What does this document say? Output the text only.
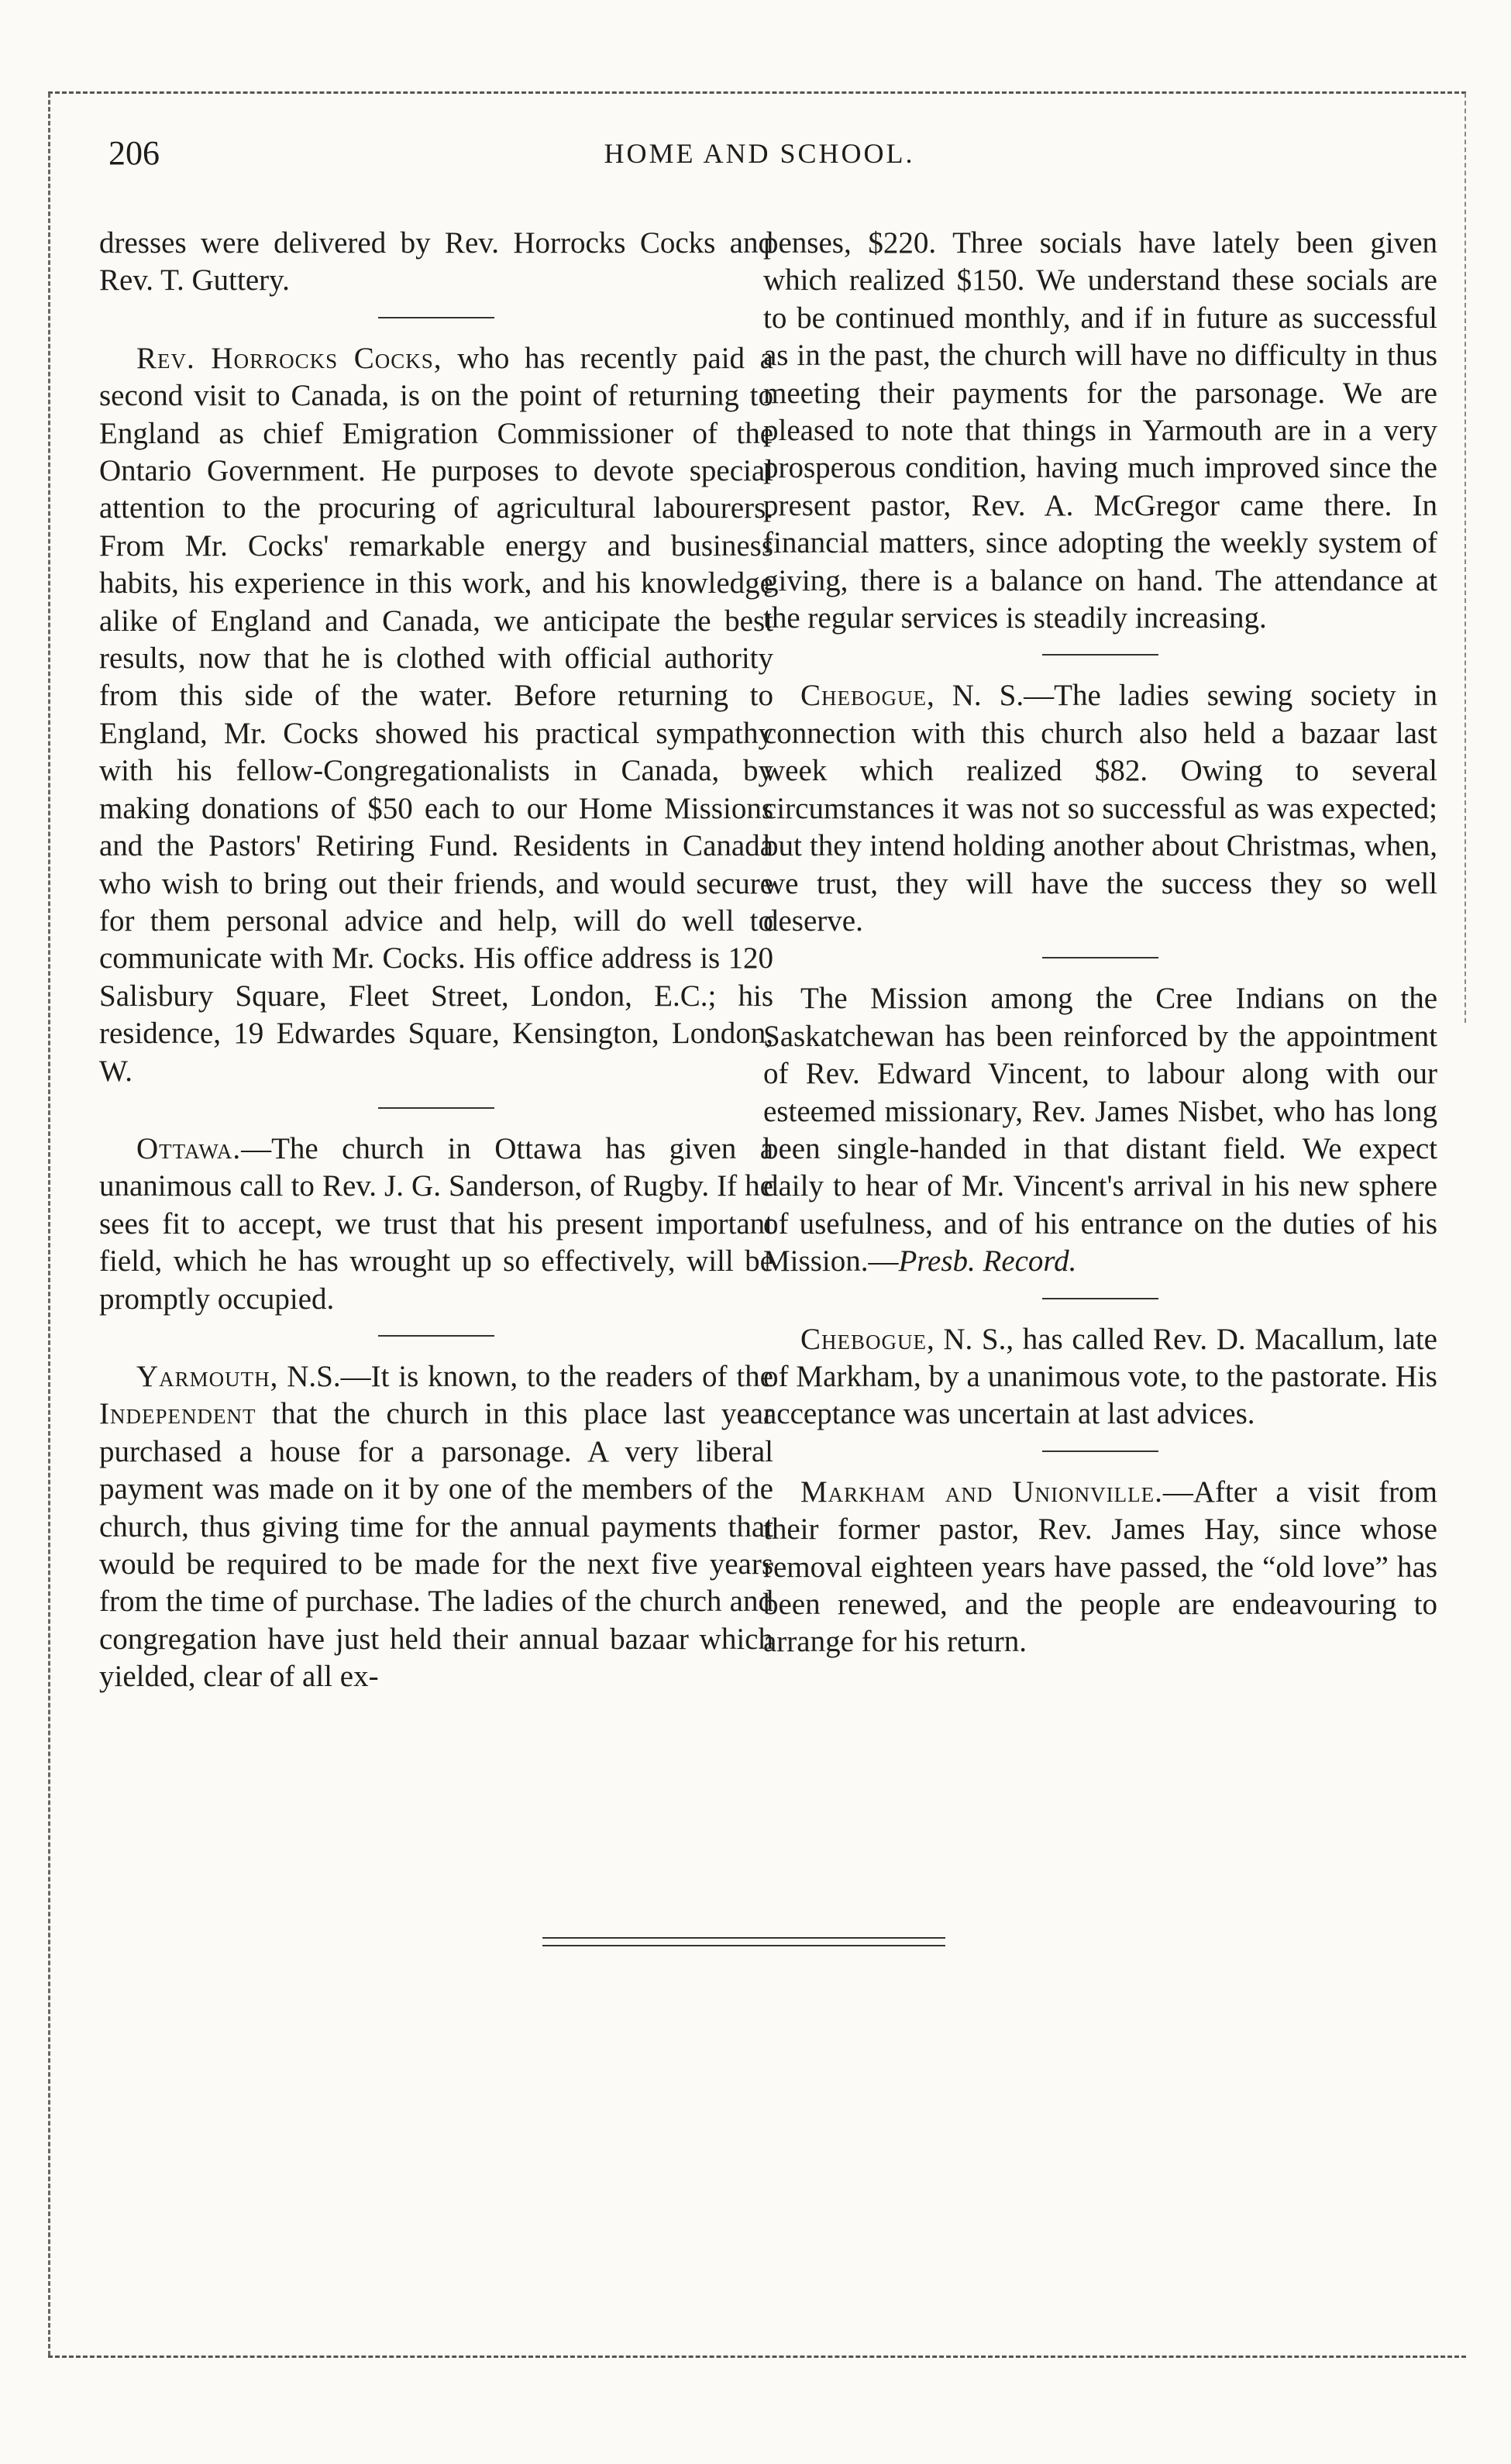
206	HOME AND SCHOOL.

dresses were delivered by Rev. Horrocks Cocks and Rev. T. Guttery.

Rev. Horrocks Cocks, who has recently paid a second visit to Canada, is on the point of returning to England as chief Emigration Commissioner of the Ontario Government. He purposes to devote special attention to the procuring of agricultural labourers. From Mr. Cocks' remarkable energy and business habits, his experience in this work, and his knowledge alike of England and Canada, we anticipate the best results, now that he is clothed with official authority from this side of the water. Before returning to England, Mr. Cocks showed his practical sympathy with his fellow-Congregationalists in Canada, by making donations of $50 each to our Home Missions and the Pastors' Retiring Fund. Residents in Canada who wish to bring out their friends, and would secure for them personal advice and help, will do well to communicate with Mr. Cocks. His office address is 120 Salisbury Square, Fleet Street, London, E.C.; his residence, 19 Edwardes Square, Kensington, London, W.

Ottawa.—The church in Ottawa has given a unanimous call to Rev. J. G. Sanderson, of Rugby. If he sees fit to accept, we trust that his present important field, which he has wrought up so effectively, will be promptly occupied.

Yarmouth, N.S.—It is known, to the readers of the Independent that the church in this place last year purchased a house for a parsonage. A very liberal payment was made on it by one of the members of the church, thus giving time for the annual payments that would be required to be made for the next five years from the time of purchase. The ladies of the church and congregation have just held their annual bazaar which yielded, clear of all ex-

penses, $220. Three socials have lately been given which realized $150. We understand these socials are to be continued monthly, and if in future as successful as in the past, the church will have no difficulty in thus meeting their payments for the parsonage. We are pleased to note that things in Yarmouth are in a very prosperous condition, having much improved since the present pastor, Rev. A. McGregor came there. In financial matters, since adopting the weekly system of giving, there is a balance on hand. The attendance at the regular services is steadily increasing.

Chebogue, N. S.—The ladies sewing society in connection with this church also held a bazaar last week which realized $82. Owing to several circumstances it was not so successful as was expected; but they intend holding another about Christmas, when, we trust, they will have the success they so well deserve.

The Mission among the Cree Indians on the Saskatchewan has been reinforced by the appointment of Rev. Edward Vincent, to labour along with our esteemed missionary, Rev. James Nisbet, who has long been single-handed in that distant field. We expect daily to hear of Mr. Vincent's arrival in his new sphere of usefulness, and of his entrance on the duties of his Mission.—Presb. Record.

Chebogue, N. S., has called Rev. D. Macallum, late of Markham, by a unanimous vote, to the pastorate. His acceptance was uncertain at last advices.

Markham and Unionville.—After a visit from their former pastor, Rev. James Hay, since whose removal eighteen years have passed, the “old love” has been renewed, and the people are endeavouring to arrange for his return.
